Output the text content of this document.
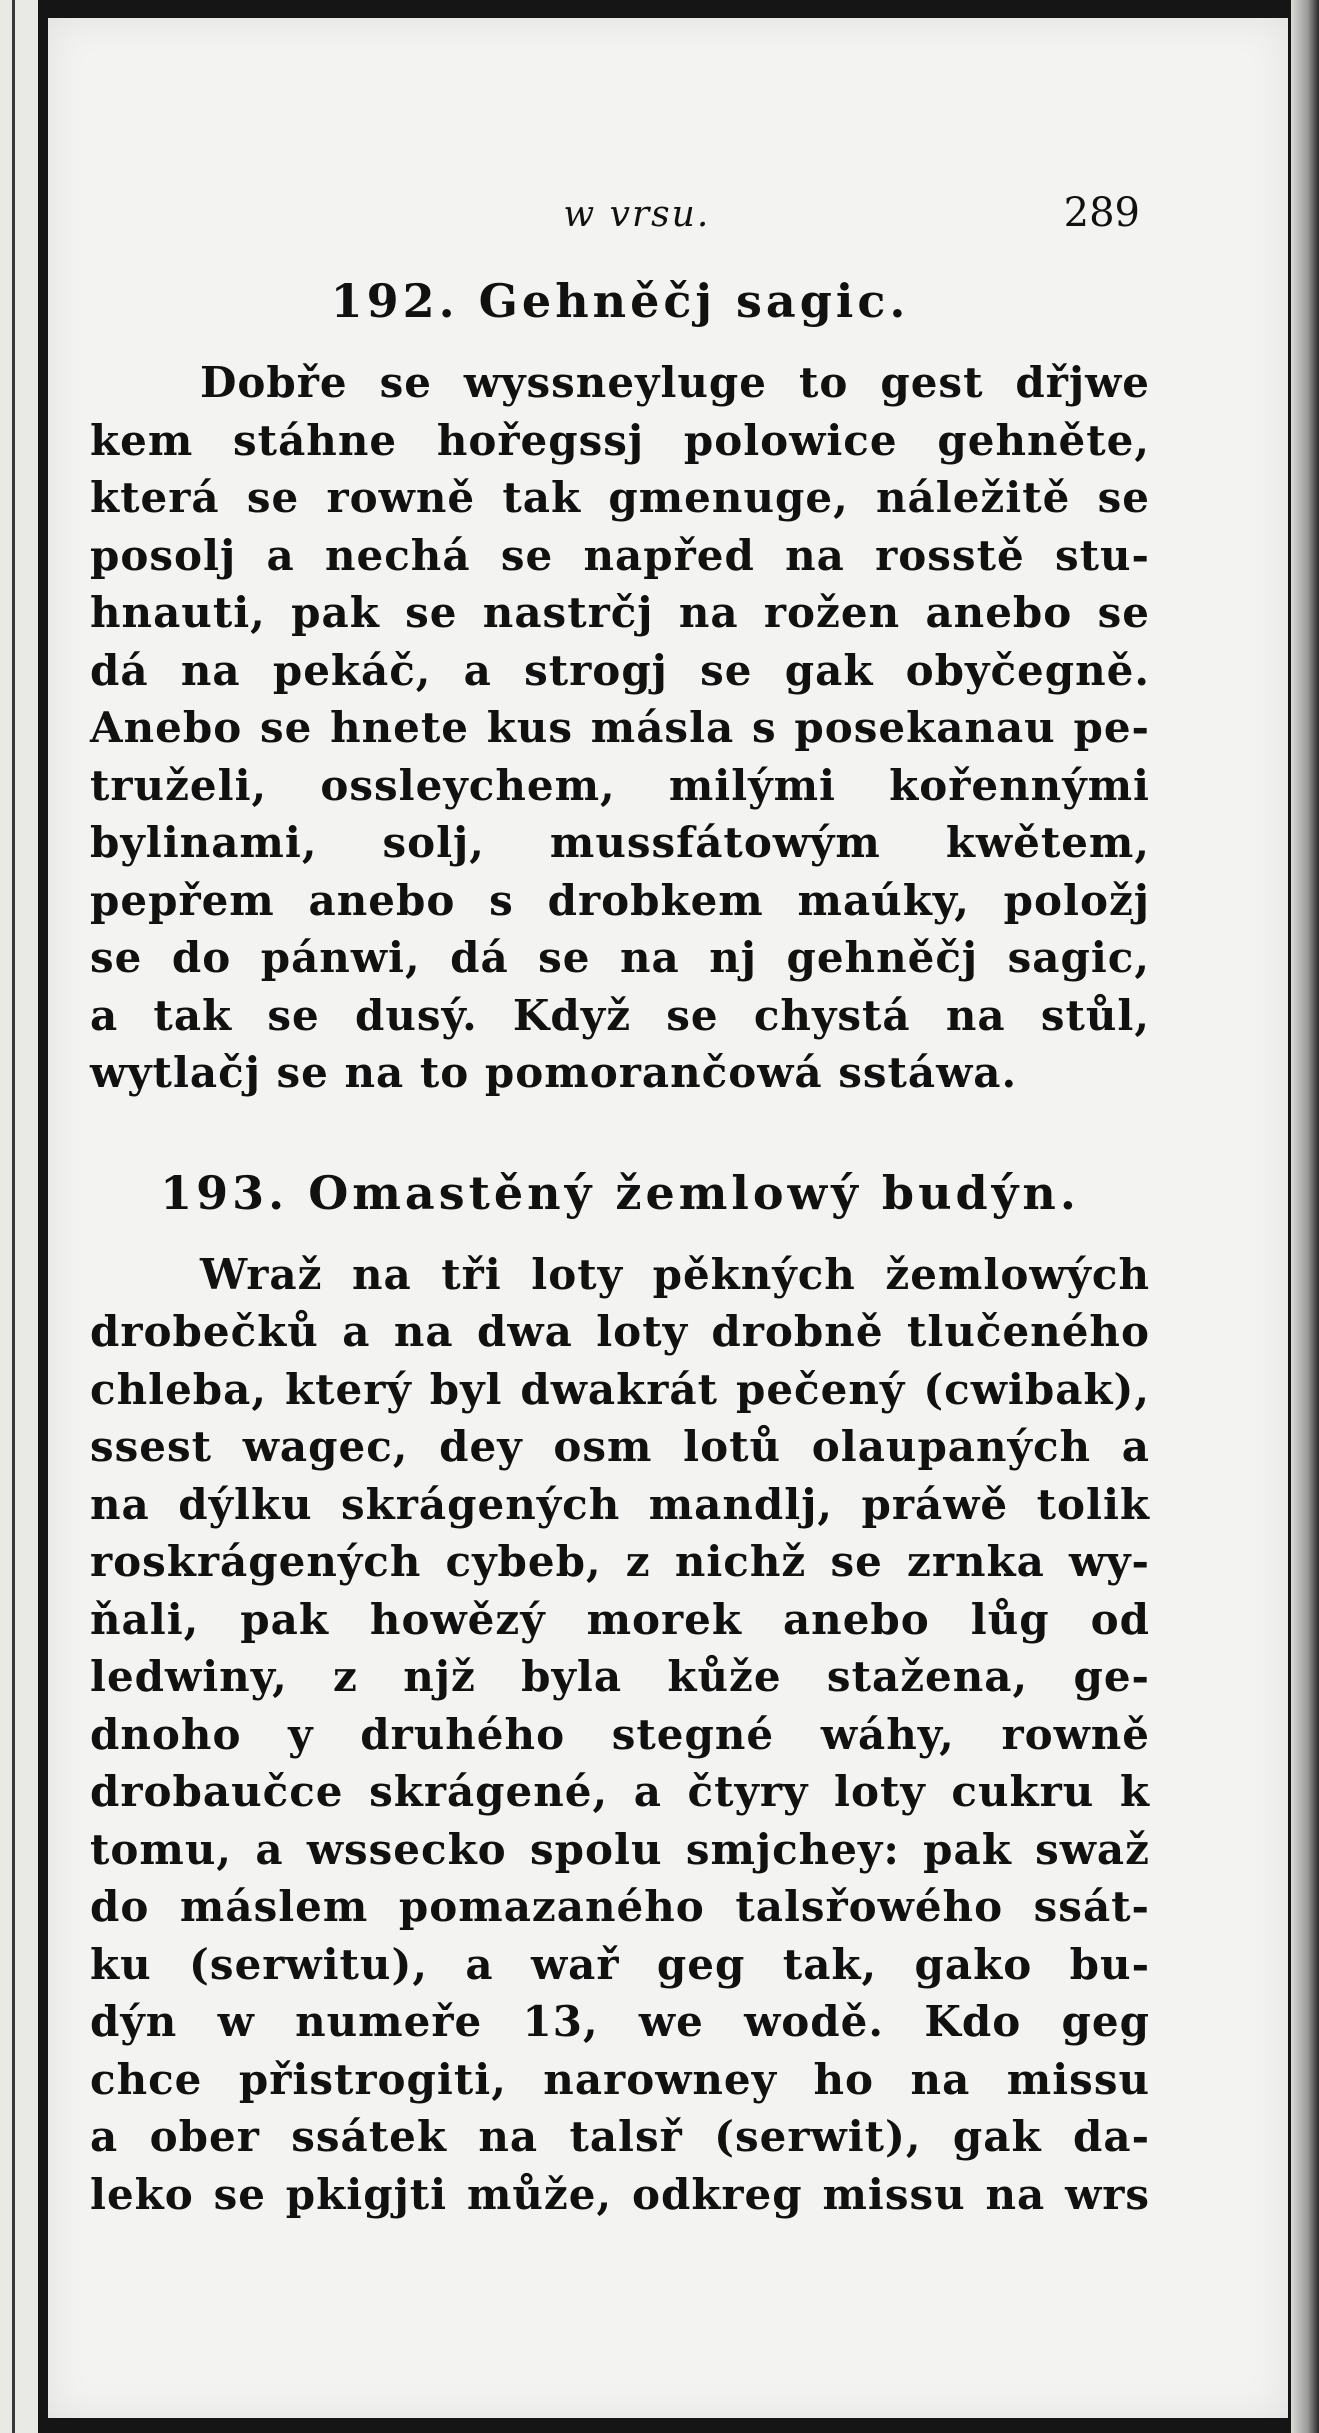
w vrsu.	289
192. Gehněčj sagic.

Dobře se wyssneyluge to gest dřjwe
kem stáhne hořegssj polowice gehněte,
která se rowně tak gmenuge, náležitě se
posolj a nechá se napřed na rosstě stu-
hnauti, pak se nastrčj na rožen anebo se
dá na pekáč, a strogj se gak obyčegně.
Anebo se hnete kus másla s posekanau pe-
truželi, ossleychem, milými kořennými
bylinami, solj, mussfátowým kwětem,
pepřem anebo s drobkem maúky, položj
se do pánwi, dá se na nj gehněčj sagic,
a tak se dusý. Když se chystá na stůl,
wytlačj se na to pomorančowá sstáwa.

193. Omastěný žemlowý budýn.

Wraž na tři loty pěkných žemlowých
drobečků a na dwa loty drobně tlučeného
chleba, který byl dwakrát pečený (cwibak),
ssest wagec, dey osm lotů olaupaných a
na dýlku skrágených mandlj, práwě tolik
roskrágených cybeb, z nichž se zrnka wy-
ňali, pak howězý morek anebo lůg od
ledwiny, z njž byla kůže stažena, ge-
dnoho y druhého stegné wáhy, rowně
drobaučce skrágené, a čtyry loty cukru k
tomu, a wssecko spolu smjchey: pak swaž
do máslem pomazaného talsřowého ssát-
ku (serwitu), a wař geg tak, gako bu-
dýn w numeře 13, we wodě. Kdo geg
chce přistrogiti, narowney ho na missu
a ober ssátek na talsř (serwit), gak da-
leko se pkigjti může, odkreg missu na wrs
